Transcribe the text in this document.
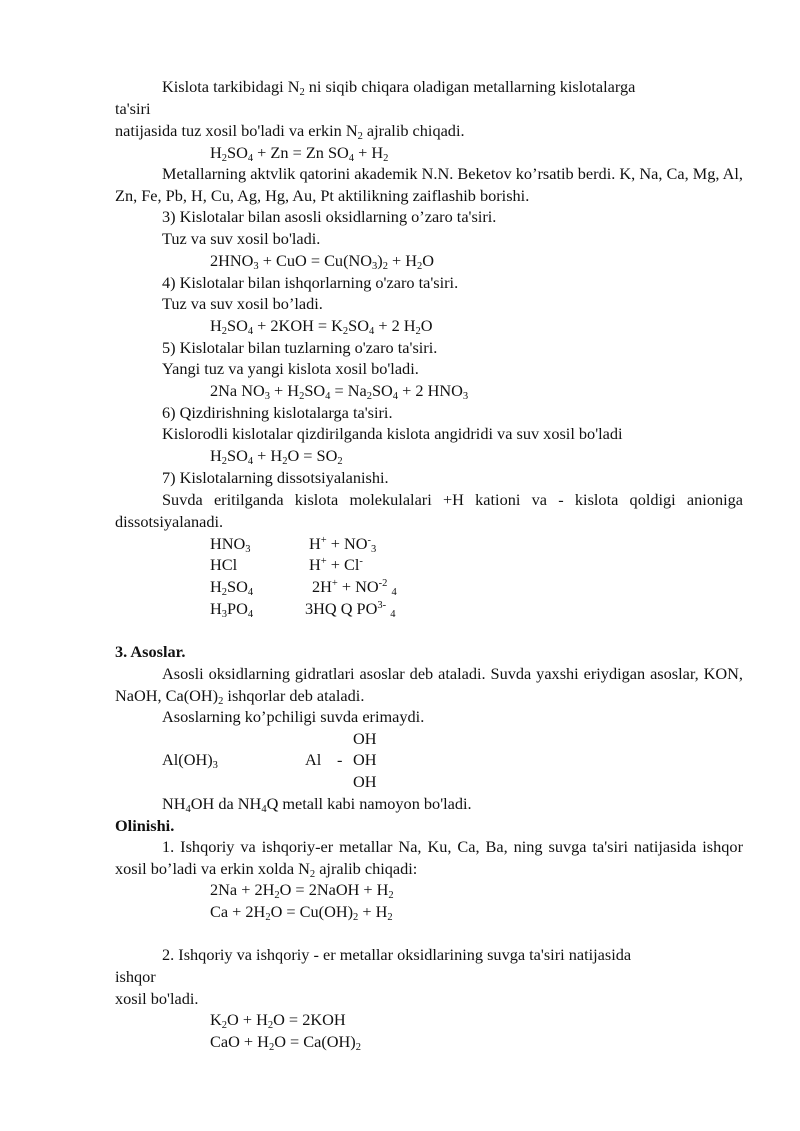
Kislota tarkibidagi $N_2$ ni siqib chiqara oladigan metallarning kislotalarga
ta'siri
natijasida tuz xosil bo'ladi va erkin $N_2$ ajralib chiqadi.
$H_2SO_4 + Zn = Zn$ $SO_4 + H_2$
Metallarning aktvlik qatorini akademik N.N. Beketov ko’rsatib berdi. K, Na, Ca, Mg, Al, Zn, Fe, Pb, H, Cu, Ag, Hg, Au, Pt aktilikning zaiflashib borishi.
3) Kislotalar bilan asosli oksidlarning o’zaro ta'siri.
Tuz va suv xosil bo'ladi.
$2HNO_3$ + CuO = $Cu(NO_3)_2 + H_2O$
4) Kislotalar bilan ishqorlarning o'zaro ta'siri.
Tuz va suv xosil bo’ladi.
$H_2SO_4 + 2KOH = K_2SO_4 + 2$ $H_2O$
5) Kislotalar bilan tuzlarning o'zaro ta'siri.
Yangi tuz va yangi kislota xosil bo'ladi.
2Na $NO_3 + H_2SO_4 = Na_2SO_4 + 2$ $HNO_3$
6) Qizdirishning kislotalarga ta'siri.
Kislorodli kislotalar qizdirilganda kislota angidridi va suv xosil bo'ladi
$H_2SO_4 + H_2O = SO_2$
7) Kislotalarning dissotsiyalanishi.
Suvda eritilganda kislota molekulalari +H kationi va - kislota qoldigi anioniga dissotsiyalanadi.
$HNO_3$	$H^+ + NO^-_3$
HCl	H+ + Cl-
$H_2SO_4$	$2H^+ + NO^{-2}$ $_4$
$H_3PO_4$	3HQ Q $PO^{3-}$ $_4$
3. Asoslar.
Asosli oksidlarning gidratlari asoslar deb ataladi. Suvda yaxshi eriydigan asoslar, KON, NaOH, $Ca(OH)_2$ ishqorlar deb ataladi.
Asoslarning ko’pchiligi suvda erimaydi.
OH
$Al(OH)_3$	Al - OH
OH
$NH_4OH$ da $NH_4Q$ metall kabi namoyon bo'ladi.
Olinishi.
1. Ishqoriy va ishqoriy-er metallar Na, Ku, Ca, Ba, ning suvga ta'siri natijasida ishqor xosil bo’ladi va erkin xolda $N_2$ ajralib chiqadi:
$2Na + 2H_2O$ = 2NaOH + $H_2$
$Ca + 2H_2O = Cu(OH)_2 + H_2$
2. Ishqoriy va ishqoriy - er metallar oksidlarining suvga ta'siri natijasida
ishqor
xosil bo'ladi.
$K_2O + H_2O = 2KOH$
CaO + $H_2O = Ca(OH)_2$
